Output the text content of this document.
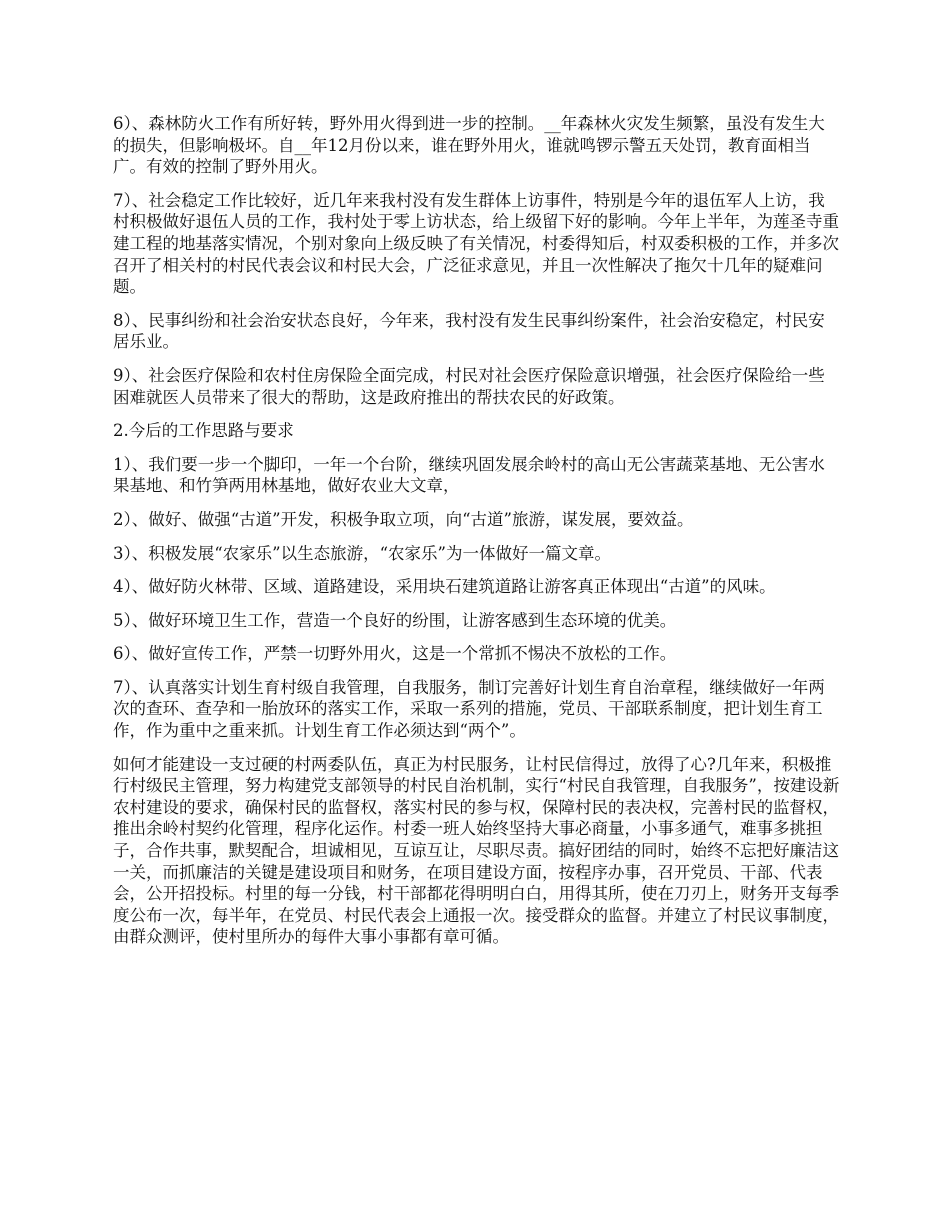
6）、森林防火工作有所好转，野外用火得到进一步的控制。__年森林火灾发生频繁，虽没有发生大的损失，但影响极坏。自__年12月份以来，谁在野外用火，谁就鸣锣示警五天处罚，教育面相当广。有效的控制了野外用火。

7）、社会稳定工作比较好，近几年来我村没有发生群体上访事件，特别是今年的退伍军人上访，我村积极做好退伍人员的工作，我村处于零上访状态，给上级留下好的影响。今年上半年，为莲圣寺重建工程的地基落实情况，个别对象向上级反映了有关情况，村委得知后，村双委积极的工作，并多次召开了相关村的村民代表会议和村民大会，广泛征求意见，并且一次性解决了拖欠十几年的疑难问题。

8）、民事纠纷和社会治安状态良好，今年来，我村没有发生民事纠纷案件，社会治安稳定，村民安居乐业。

9）、社会医疗保险和农村住房保险全面完成，村民对社会医疗保险意识增强，社会医疗保险给一些困难就医人员带来了很大的帮助，这是政府推出的帮扶农民的好政策。

2.今后的工作思路与要求

1）、我们要一步一个脚印，一年一个台阶，继续巩固发展余岭村的高山无公害蔬菜基地、无公害水果基地、和竹笋两用林基地，做好农业大文章，

2）、做好、做强“古道”开发，积极争取立项，向“古道”旅游，谋发展，要效益。

3）、积极发展“农家乐”以生态旅游，“农家乐”为一体做好一篇文章。

4）、做好防火林带、区域、道路建设，采用块石建筑道路让游客真正体现出“古道”的风味。

5）、做好环境卫生工作，营造一个良好的纷围，让游客感到生态环境的优美。

6）、做好宣传工作，严禁一切野外用火，这是一个常抓不惕决不放松的工作。

7）、认真落实计划生育村级自我管理，自我服务，制订完善好计划生育自治章程，继续做好一年两次的查环、查孕和一胎放环的落实工作，采取一系列的措施，党员、干部联系制度，把计划生育工作，作为重中之重来抓。计划生育工作必须达到“两个”。

如何才能建设一支过硬的村两委队伍，真正为村民服务，让村民信得过，放得了心?几年来，积极推行村级民主管理，努力构建党支部领导的村民自治机制，实行“村民自我管理，自我服务”，按建设新农村建设的要求，确保村民的监督权，落实村民的参与权，保障村民的表决权，完善村民的监督权，推出余岭村契约化管理，程序化运作。村委一班人始终坚持大事必商量，小事多通气，难事多挑担子，合作共事，默契配合，坦诚相见，互谅互让，尽职尽责。搞好团结的同时，始终不忘把好廉洁这一关，而抓廉洁的关键是建设项目和财务，在项目建设方面，按程序办事，召开党员、干部、代表会，公开招投标。村里的每一分钱，村干部都花得明明白白，用得其所，使在刀刃上，财务开支每季度公布一次，每半年，在党员、村民代表会上通报一次。接受群众的监督。并建立了村民议事制度，由群众测评，使村里所办的每件大事小事都有章可循。
